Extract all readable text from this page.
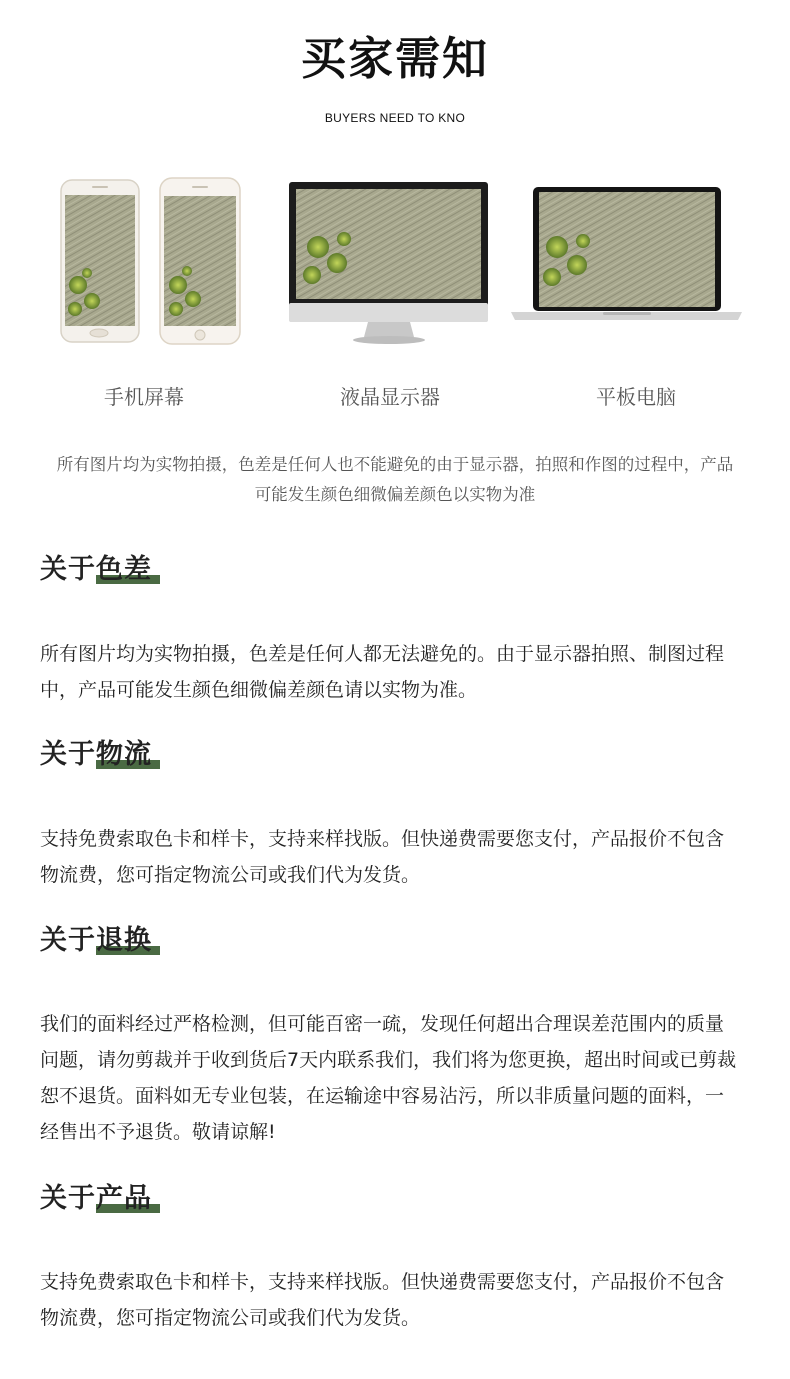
买家需知
BUYERS NEED TO KNO
手机屏幕	液晶显示器	平板电脑
所有图片均为实物拍摄，色差是任何人也不能避免的由于显示器，拍照和作图的过程中，产品可能发生颜色细微偏差颜色以实物为准
关于色差
所有图片均为实物拍摄，色差是任何人都无法避免的。由于显示器拍照、制图过程中，产品可能发生颜色细微偏差颜色请以实物为准。
关于物流
支持免费索取色卡和样卡，支持来样找版。但快递费需要您支付，产品报价不包含物流费，您可指定物流公司或我们代为发货。
关于退换
我们的面料经过严格检测，但可能百密一疏，发现任何超出合理误差范围内的质量问题，请勿剪裁并于收到货后7天内联系我们，我们将为您更换，超出时间或已剪裁恕不退货。面料如无专业包装，在运输途中容易沾污，所以非质量问题的面料，一经售出不予退货。敬请谅解!
关于产品
支持免费索取色卡和样卡，支持来样找版。但快递费需要您支付，产品报价不包含物流费，您可指定物流公司或我们代为发货。
